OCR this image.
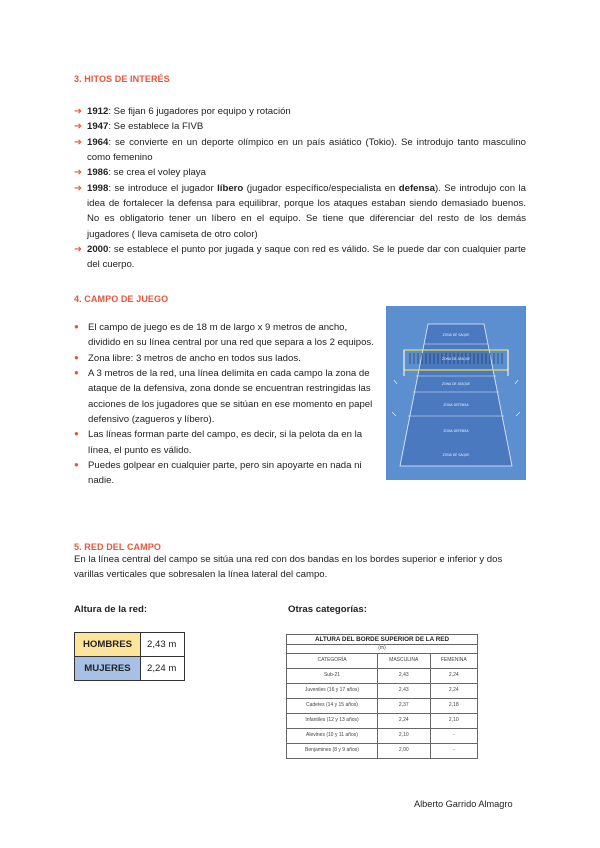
3. HITOS DE INTERÉS
➔ 1912: Se fijan 6 jugadores por equipo y rotación
➔ 1947: Se establece la FIVB
➔ 1964: se convierte en un deporte olímpico en un país asiático (Tokio). Se introdujo tanto masculino como femenino
➔ 1986: se crea el voley playa
➔ 1998: se introduce el jugador líbero (jugador específico/especialista en defensa). Se introdujo con la idea de fortalecer la defensa para equilibrar, porque los ataques estaban siendo demasiado buenos. No es obligatorio tener un líbero en el equipo. Se tiene que diferenciar del resto de los demás jugadores ( lleva camiseta de otro color)
➔ 2000: se establece el punto por jugada y saque con red es válido. Se le puede dar con cualquier parte del cuerpo.
4. CAMPO DE JUEGO
● El campo de juego es de 18 m de largo x 9 metros de ancho, dividido en su línea central por una red que separa a los 2 equipos.
● Zona libre: 3 metros de ancho en todos sus lados.
● A 3 metros de la red, una línea delimita en cada campo la zona de ataque de la defensiva, zona donde se encuentran restringidas las acciones de los jugadores que se sitúan en ese momento en papel defensivo (zagueros y líbero).
● Las líneas forman parte del campo, es decir, si la pelota da en la línea, el punto es válido.
● Puedes golpear en cualquier parte, pero sin apoyarte en nada ni nadie.
ZONA DE SAQUE
ZONA DE ATAQUE
ZONA DE ATAQUE
ZONA DEFENSA
ZONA DEFENSA
ZONA DE SAQUE
5. RED DEL CAMPO
En la línea central del campo se sitúa una red con dos bandas en los bordes superior e inferior y dos varillas verticales que sobresalen la línea lateral del campo.
Altura de la red:	Otras categorías:
HOMBRES	2,43 m
MUJERES	2,24 m
ALTURA DEL BORDE SUPERIOR DE LA RED		
(m)		
CATEGORÍA	MASCULINA	FEMENINA
Sub-21	2,43	2,24
Juveniles (16 y 17 años)	2,43	2,24
Cadetes (14 y 15 años)	2,37	2,18
Infantiles (12 y 13 años)	2,24	2,10
Alevines (10 y 11 años)	2,10	-
Benjamines (8 y 9 años)	2,00	-
Alberto Garrido Almagro
